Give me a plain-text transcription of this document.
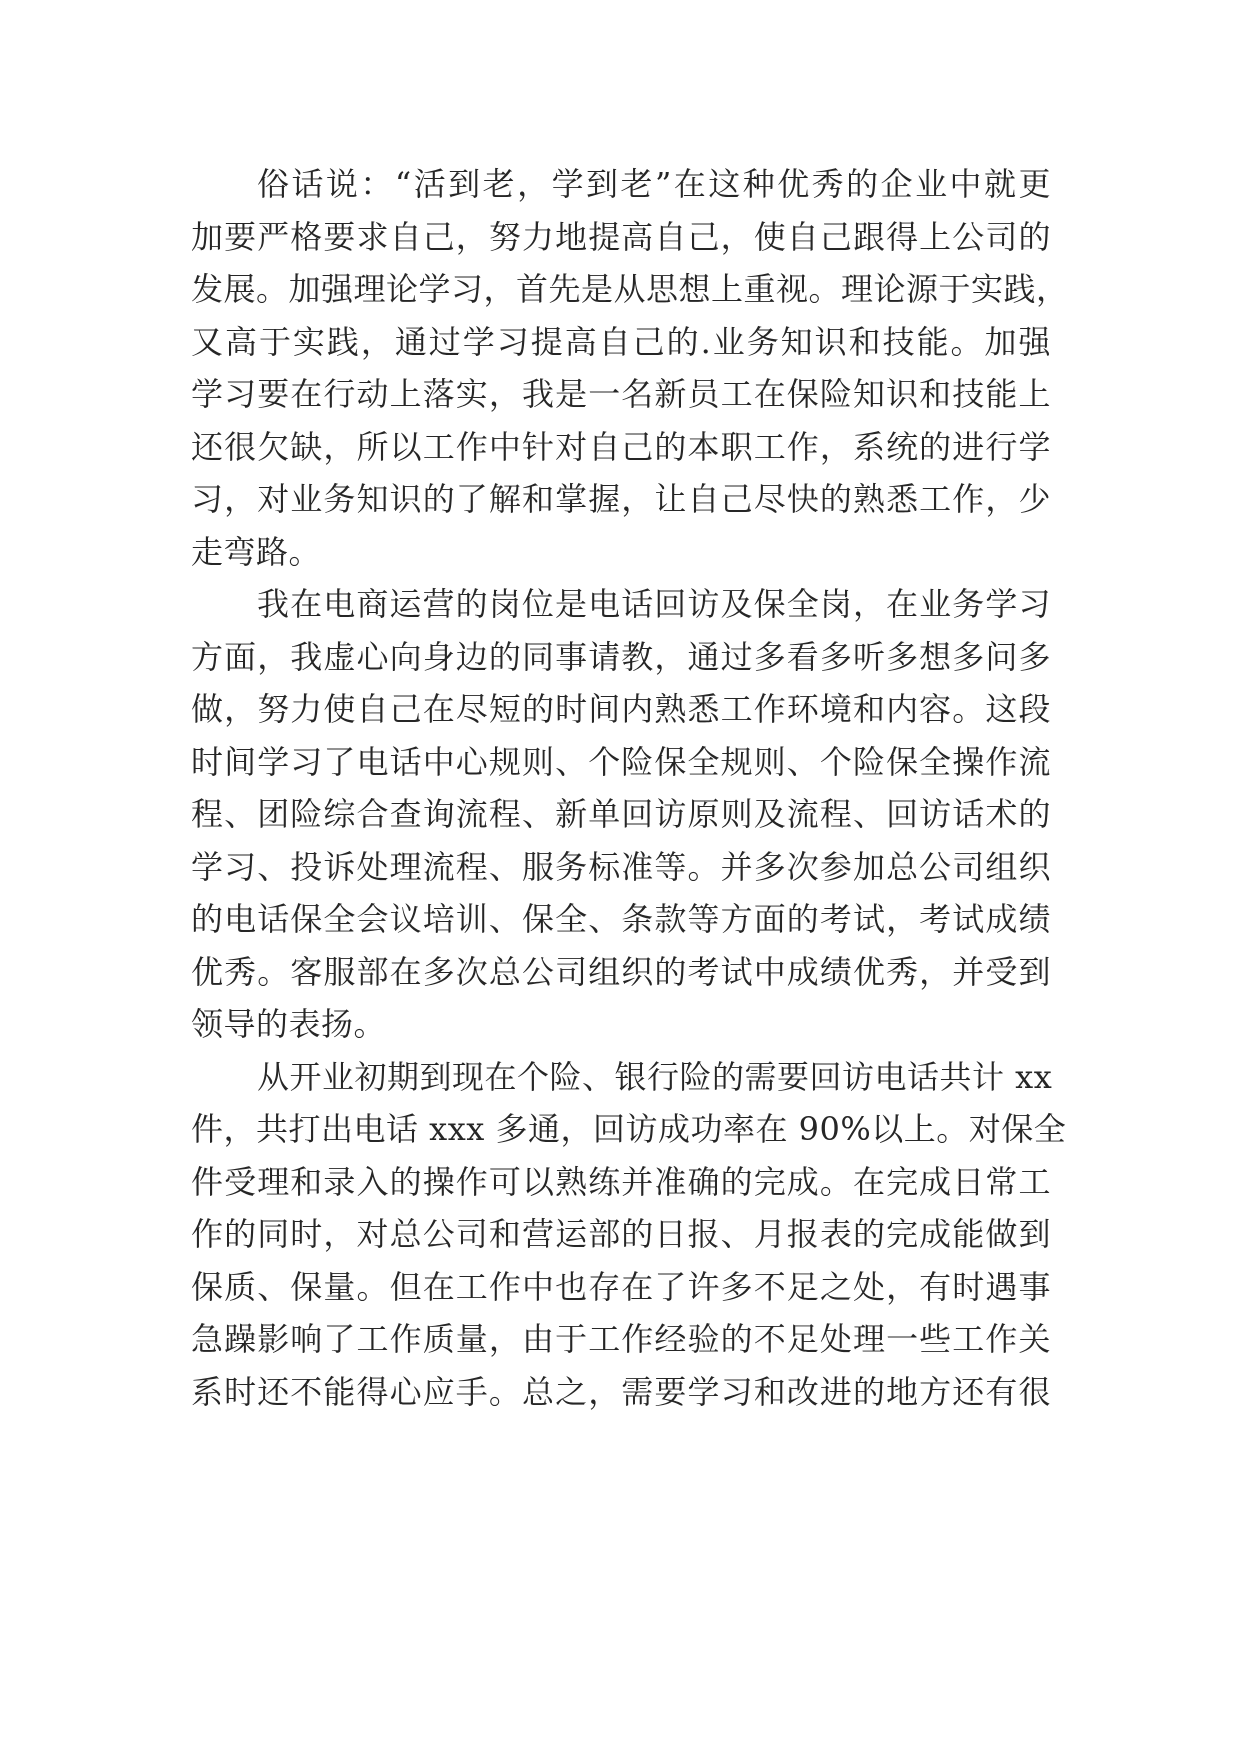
俗话说：“活到老，学到老”在这种优秀的企业中就更
加要严格要求自己，努力地提高自己，使自己跟得上公司的
发展。加强理论学习，首先是从思想上重视。理论源于实践，
又高于实践，通过学习提高自己的.业务知识和技能。加强
学习要在行动上落实，我是一名新员工在保险知识和技能上
还很欠缺，所以工作中针对自己的本职工作，系统的进行学
习，对业务知识的了解和掌握，让自己尽快的熟悉工作，少
走弯路。
我在电商运营的岗位是电话回访及保全岗，在业务学习
方面，我虚心向身边的同事请教，通过多看多听多想多问多
做，努力使自己在尽短的时间内熟悉工作环境和内容。这段
时间学习了电话中心规则、个险保全规则、个险保全操作流
程、团险综合查询流程、新单回访原则及流程、回访话术的
学习、投诉处理流程、服务标准等。并多次参加总公司组织
的电话保全会议培训、保全、条款等方面的考试，考试成绩
优秀。客服部在多次总公司组织的考试中成绩优秀，并受到
领导的表扬。
从开业初期到现在个险、银行险的需要回访电话共计 xx
件，共打出电话 xxx 多通，回访成功率在 90%以上。对保全
件受理和录入的操作可以熟练并准确的完成。在完成日常工
作的同时，对总公司和营运部的日报、月报表的完成能做到
保质、保量。但在工作中也存在了许多不足之处，有时遇事
急躁影响了工作质量，由于工作经验的不足处理一些工作关
系时还不能得心应手。总之，需要学习和改进的地方还有很
